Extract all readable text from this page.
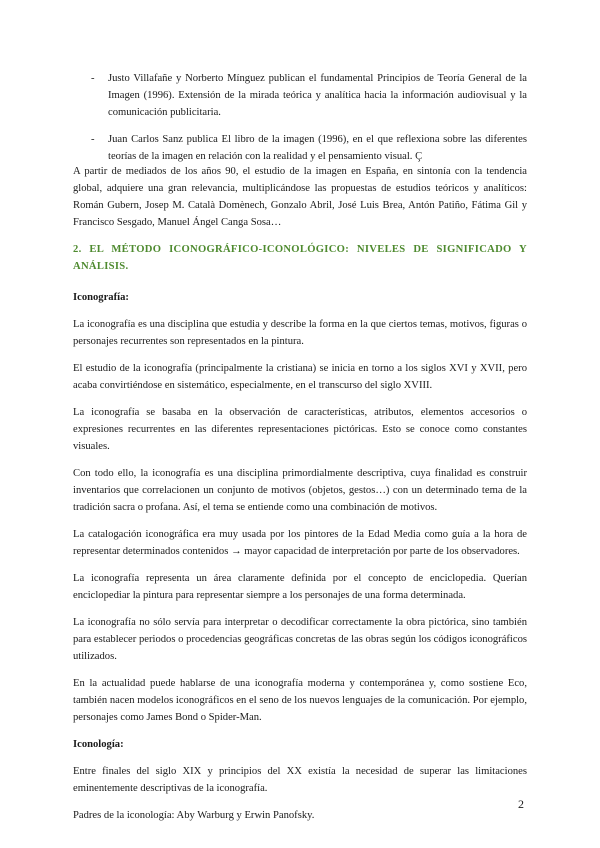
- Justo Villafañe y Norberto Mínguez publican el fundamental Principios de Teoría General de la Imagen (1996). Extensión de la mirada teórica y analítica hacia la información audiovisual y la comunicación publicitaria.
- Juan Carlos Sanz publica El libro de la imagen (1996), en el que reflexiona sobre las diferentes teorías de la imagen en relación con la realidad y el pensamiento visual. Ç

A partir de mediados de los años 90, el estudio de la imagen en España, en sintonía con la tendencia global, adquiere una gran relevancia, multiplicándose las propuestas de estudios teóricos y analíticos: Román Gubern, Josep M. Català Domènech, Gonzalo Abril, José Luis Brea, Antón Patiño, Fátima Gil y Francisco Sesgado, Manuel Ángel Canga Sosa…

2. EL MÉTODO ICONOGRÁFICO-ICONOLÓGICO: NIVELES DE SIGNIFICADO Y ANÁLISIS.
Iconografía:

La iconografía es una disciplina que estudia y describe la forma en la que ciertos temas, motivos, figuras o personajes recurrentes son representados en la pintura.

El estudio de la iconografía (principalmente la cristiana) se inicia en torno a los siglos XVI y XVII, pero acaba convirtiéndose en sistemático, especialmente, en el transcurso del siglo XVIII.

La iconografía se basaba en la observación de características, atributos, elementos accesorios o expresiones recurrentes en las diferentes representaciones pictóricas. Esto se conoce como constantes visuales.

Con todo ello, la iconografía es una disciplina primordialmente descriptiva, cuya finalidad es construir inventarios que correlacionen un conjunto de motivos (objetos, gestos…) con un determinado tema de la tradición sacra o profana. Así, el tema se entiende como una combinación de motivos.

La catalogación iconográfica era muy usada por los pintores de la Edad Media como guía a la hora de representar determinados contenidos → mayor capacidad de interpretación por parte de los observadores.

La iconografía representa un área claramente definida por el concepto de enciclopedia. Querían enciclopediar la pintura para representar siempre a los personajes de una forma determinada.

La iconografía no sólo servía para interpretar o decodificar correctamente la obra pictórica, sino también para establecer periodos o procedencias geográficas concretas de las obras según los códigos iconográficos utilizados.

En la actualidad puede hablarse de una iconografía moderna y contemporánea y, como sostiene Eco, también nacen modelos iconográficos en el seno de los nuevos lenguajes de la comunicación. Por ejemplo, personajes como James Bond o Spider-Man.

Iconología:

Entre finales del siglo XIX y principios del XX existía la necesidad de superar las limitaciones eminentemente descriptivas de la iconografía.

Padres de la iconología: Aby Warburg y Erwin Panofsky.

2
